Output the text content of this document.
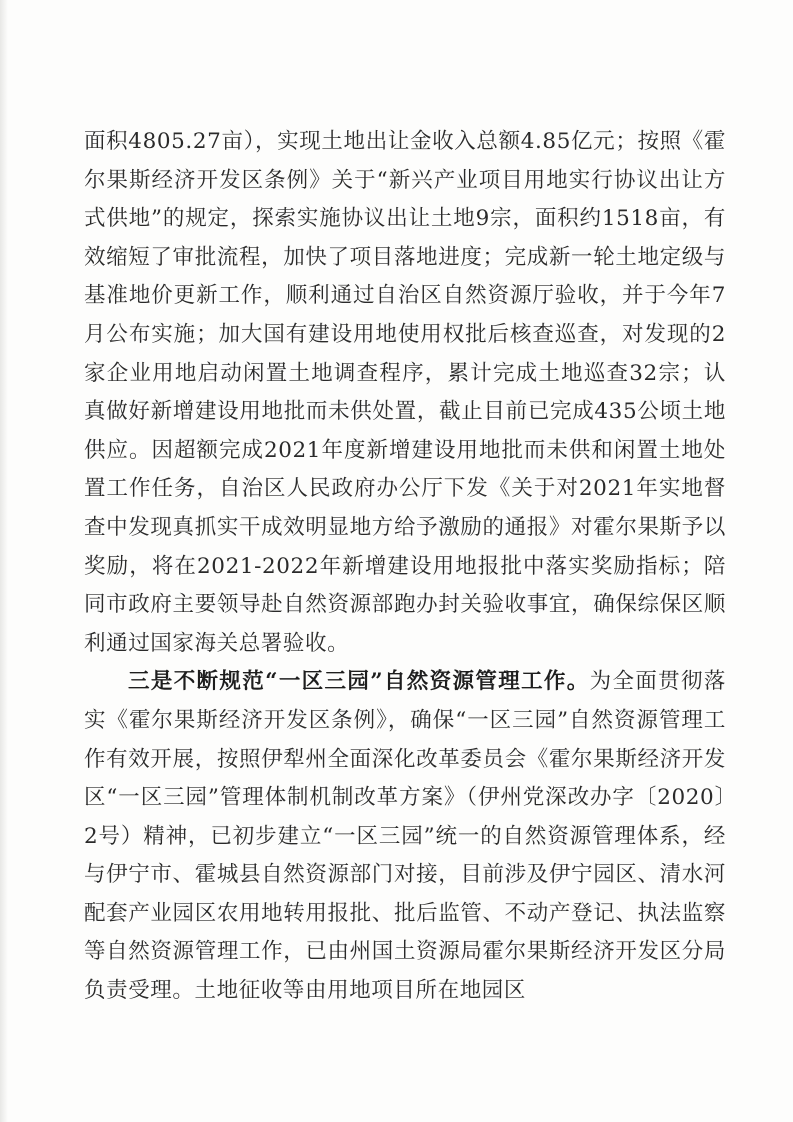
面积4805.27亩），实现土地出让金收入总额4.85亿元；按照《霍尔果斯经济开发区条例》关于“新兴产业项目用地实行协议出让方式供地”的规定，探索实施协议出让土地9宗，面积约1518亩，有效缩短了审批流程，加快了项目落地进度；完成新一轮土地定级与基准地价更新工作，顺利通过自治区自然资源厅验收，并于今年7月公布实施；加大国有建设用地使用权批后核查巡查，对发现的2家企业用地启动闲置土地调查程序，累计完成土地巡查32宗；认真做好新增建设用地批而未供处置，截止目前已完成435公顷土地供应。因超额完成2021年度新增建设用地批而未供和闲置土地处置工作任务，自治区人民政府办公厅下发《关于对2021年实地督查中发现真抓实干成效明显地方给予激励的通报》对霍尔果斯予以奖励，将在2021-2022年新增建设用地报批中落实奖励指标；陪同市政府主要领导赴自然资源部跑办封关验收事宜，确保综保区顺利通过国家海关总署验收。

三是不断规范“一区三园”自然资源管理工作。为全面贯彻落实《霍尔果斯经济开发区条例》，确保“一区三园”自然资源管理工作有效开展，按照伊犁州全面深化改革委员会《霍尔果斯经济开发区“一区三园”管理体制机制改革方案》（伊州党深改办字〔2020〕2号）精神，已初步建立“一区三园”统一的自然资源管理体系，经与伊宁市、霍城县自然资源部门对接，目前涉及伊宁园区、清水河配套产业园区农用地转用报批、批后监管、不动产登记、执法监察等自然资源管理工作，已由州国土资源局霍尔果斯经济开发区分局负责受理。土地征收等由用地项目所在地园区
